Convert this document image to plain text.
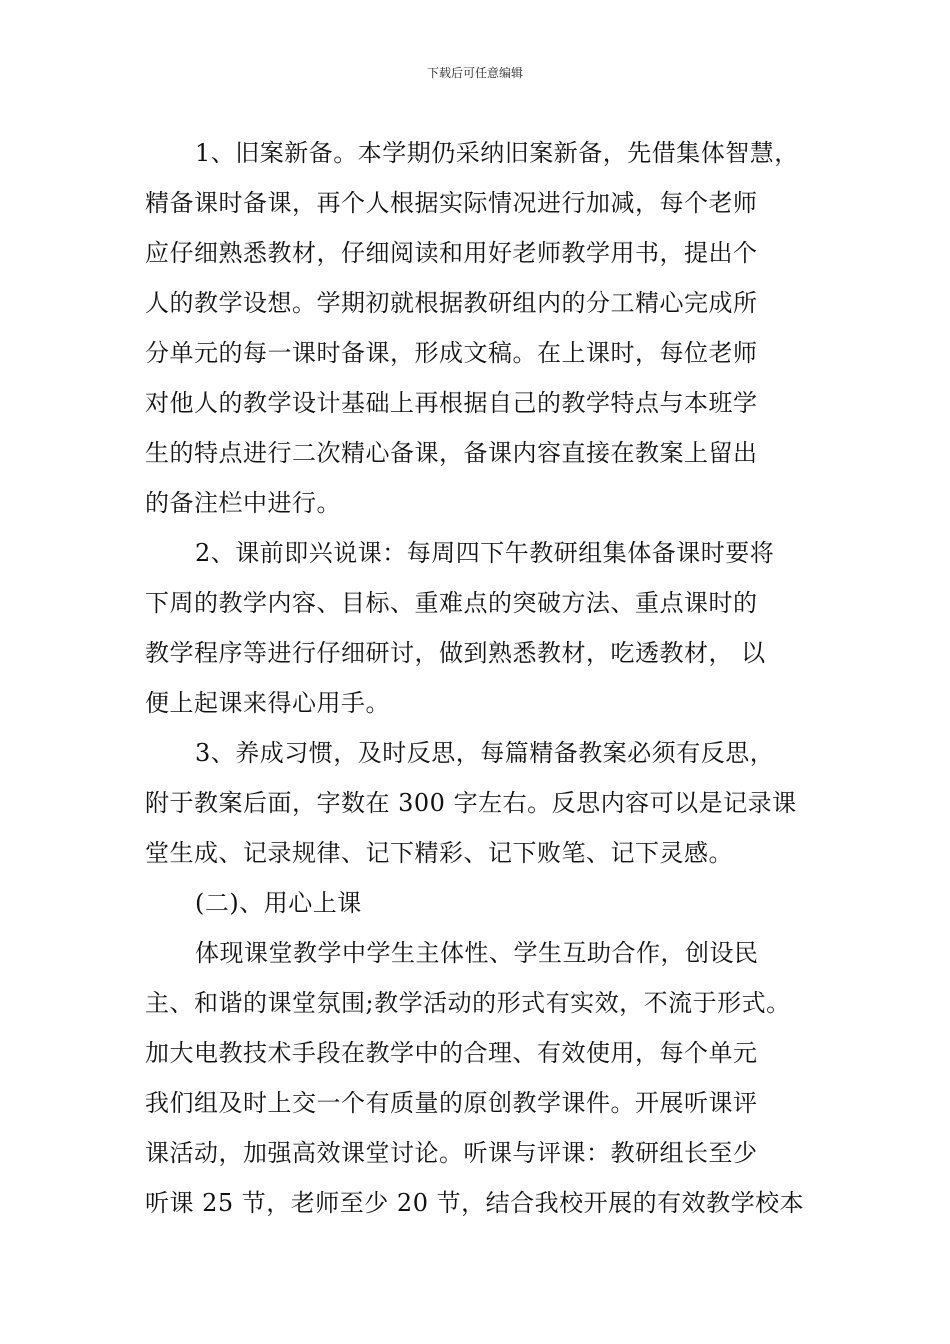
下载后可任意编辑
1、旧案新备。本学期仍采纳旧案新备，先借集体智慧，
精备课时备课，再个人根据实际情况进行加减，每个老师
应仔细熟悉教材，仔细阅读和用好老师教学用书，提出个
人的教学设想。学期初就根据教研组内的分工精心完成所
分单元的每一课时备课，形成文稿。在上课时，每位老师
对他人的教学设计基础上再根据自己的教学特点与本班学
生的特点进行二次精心备课，备课内容直接在教案上留出
的备注栏中进行。
2、课前即兴说课：每周四下午教研组集体备课时要将
下周的教学内容、目标、重难点的突破方法、重点课时的
教学程序等进行仔细研讨，做到熟悉教材，吃透教材， 以
便上起课来得心用手。
3、养成习惯，及时反思，每篇精备教案必须有反思，
附于教案后面，字数在 300 字左右。反思内容可以是记录课
堂生成、记录规律、记下精彩、记下败笔、记下灵感。
(二)、用心上课
体现课堂教学中学生主体性、学生互助合作，创设民
主、和谐的课堂氛围;教学活动的形式有实效，不流于形式。
加大电教技术手段在教学中的合理、有效使用，每个单元
我们组及时上交一个有质量的原创教学课件。开展听课评
课活动，加强高效课堂讨论。听课与评课：教研组长至少
听课 25 节，老师至少 20 节，结合我校开展的有效教学校本
